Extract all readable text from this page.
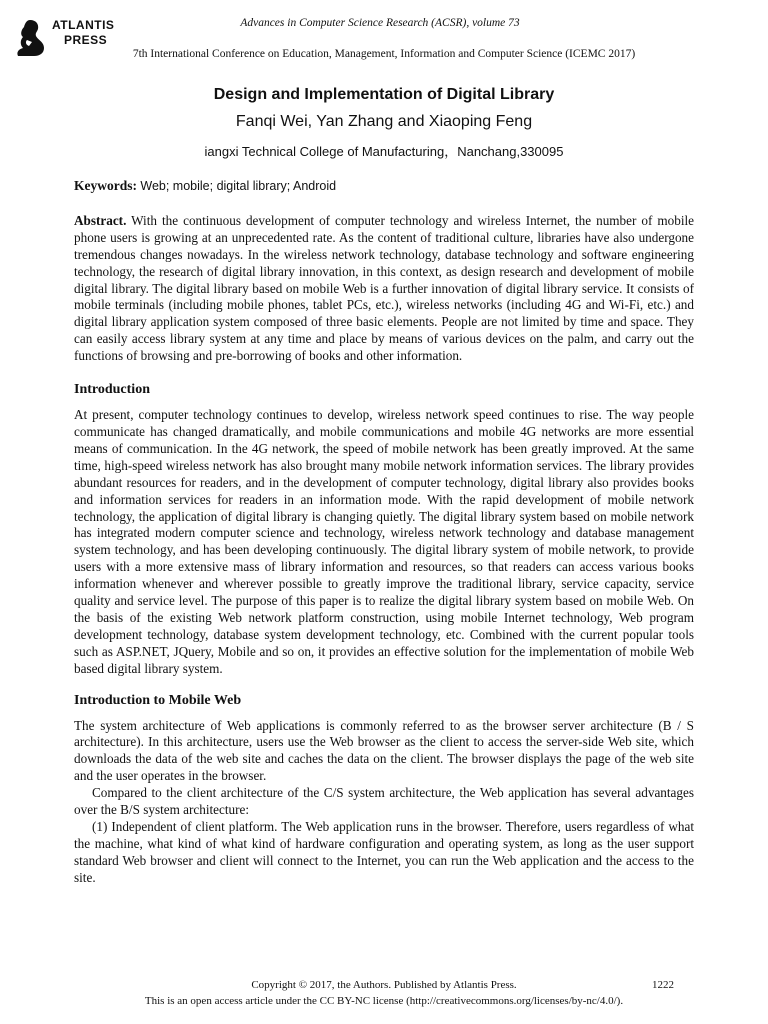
ATLANTIS
PRESS
Advances in Computer Science Research (ACSR), volume 73
7th International Conference on Education, Management, Information and Computer Science (ICEMC 2017)
Design and Implementation of Digital Library
Fanqi Wei, Yan Zhang and Xiaoping Feng
iangxi Technical College of Manufacturing，Nanchang,330095

Keywords: Web; mobile; digital library; Android

Abstract. With the continuous development of computer technology and wireless Internet, the number of mobile phone users is growing at an unprecedented rate. As the content of traditional culture, libraries have also undergone tremendous changes nowadays. In the wireless network technology, database technology and software engineering technology, the research of digital library innovation, in this context, as design research and development of mobile digital library. The digital library based on mobile Web is a further innovation of digital library service. It consists of mobile terminals (including mobile phones, tablet PCs, etc.), wireless networks (including 4G and Wi-Fi, etc.) and digital library application system composed of three basic elements. People are not limited by time and space. They can easily access library system at any time and place by means of various devices on the palm, and carry out the functions of browsing and pre-borrowing of books and other information.

Introduction

At present, computer technology continues to develop, wireless network speed continues to rise. The way people communicate has changed dramatically, and mobile communications and mobile 4G networks are more essential means of communication. In the 4G network, the speed of mobile network has been greatly improved. At the same time, high-speed wireless network has also brought many mobile network information services. The library provides abundant resources for readers, and in the development of computer technology, digital library also provides books and information services for readers in an information mode. With the rapid development of mobile network technology, the application of digital library is changing quietly. The digital library system based on mobile network has integrated modern computer science and technology, wireless network technology and database management system technology, and has been developing continuously. The digital library system of mobile network, to provide users with a more extensive mass of library information and resources, so that readers can access various books information whenever and wherever possible to greatly improve the traditional library, service capacity, service quality and service level. The purpose of this paper is to realize the digital library system based on mobile Web. On the basis of the existing Web network platform construction, using mobile Internet technology, Web program development technology, database system development technology, etc. Combined with the current popular tools such as ASP.NET, JQuery, Mobile and so on, it provides an effective solution for the implementation of mobile Web based digital library system.

Introduction to Mobile Web

The system architecture of Web applications is commonly referred to as the browser server architecture (B / S architecture). In this architecture, users use the Web browser as the client to access the server-side Web site, which downloads the data of the web site and caches the data on the client. The browser displays the page of the web site and the user operates in the browser.

Compared to the client architecture of the C/S system architecture, the Web application has several advantages over the B/S system architecture:

(1) Independent of client platform. The Web application runs in the browser. Therefore, users regardless of what the machine, what kind of what kind of hardware configuration and operating system, as long as the user support standard Web browser and client will connect to the Internet, you can run the Web application and the access to the site.

Copyright © 2017, the Authors. Published by Atlantis Press.	1222
This is an open access article under the CC BY-NC license (http://creativecommons.org/licenses/by-nc/4.0/).
